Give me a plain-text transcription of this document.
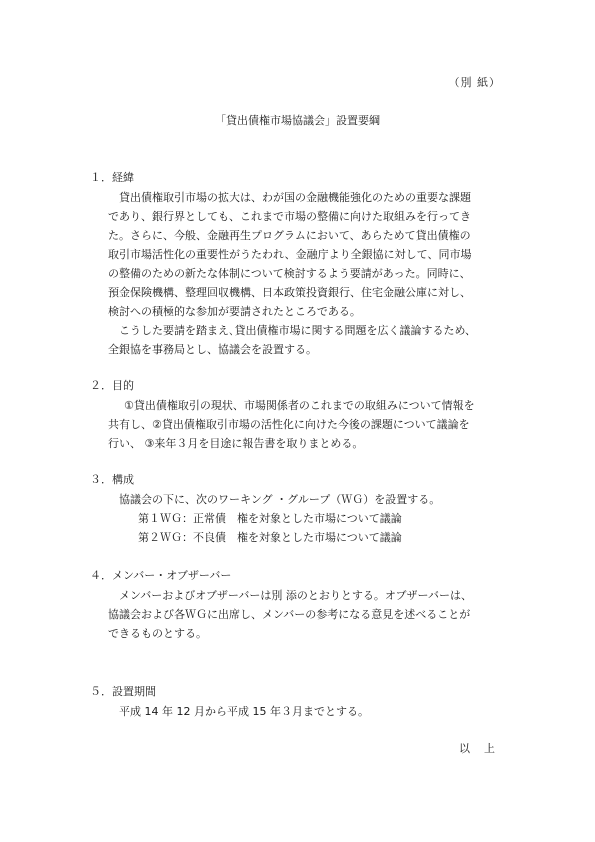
（別 紙）
「貸出債権市場協議会」設置要綱
１．経緯
貸出債権取引市場の拡大は、わが国の金融機能強化のための重要な課題
であり、銀行界としても、これまで市場の整備に向けた取組みを行ってき
た。さらに、今般、金融再生プログラムにおいて、あらためて貸出債権の
取引市場活性化の重要性がうたわれ、金融庁より全銀協に対して、同市場
の整備のための新たな体制について検討するよう要請があった。同時に、
預金保険機構、整理回収機構、日本政策投資銀行、住宅金融公庫に対し、
検討への積極的な参加が要請されたところである。
こうした要請を踏まえ､貸出債権市場に関する問題を広く議論するため、
全銀協を事務局とし、協議会を設置する。
２．目的
①貸出債権取引の現状、市場関係者のこれまでの取組みについて情報を
共有し、②貸出債権取引市場の活性化に向けた今後の課題について議論を
行い、 ③来年３月を目途に報告書を取りまとめる。
３．構成
協議会の下に、次のワーキング ・グループ（ＷＧ）を設置する。
第１ＷＧ：正常債　権を対象とした市場について議論
第２ＷＧ：不良債　権を対象とした市場について議論
４．メンバー・オブザーバー
メンバーおよびオブザーバーは別 添のとおりとする。オブザーバーは、
協議会および各ＷＧに出席し、メンバーの参考になる意見を述べることが
できるものとする。
５．設置期間
平成 14 年 12 月から平成 15 年３月までとする。
以上
